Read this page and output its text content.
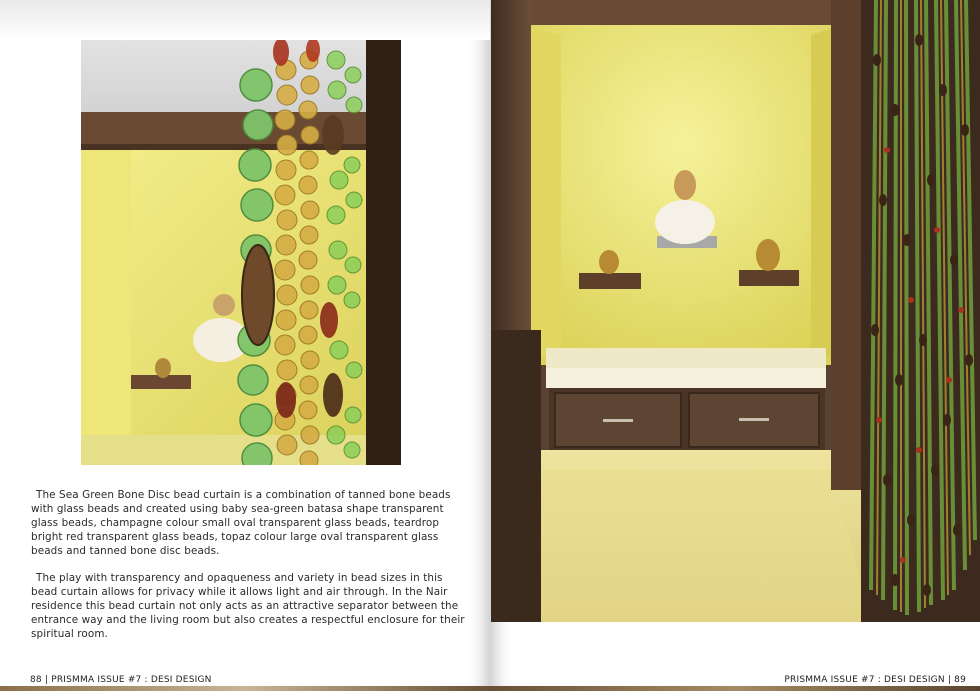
The Sea Green Bone Disc bead curtain is a combination of tanned bone beads with glass beads and created using baby sea-green batasa shape transparent glass beads, champagne colour small oval transparent glass beads, teardrop bright red transparent glass beads, topaz colour large oval transparent glass beads and tanned bone disc beads.

The play with transparency and opaqueness and variety in bead sizes in this bead curtain allows for privacy while it allows light and air through. In the Nair residence this bead curtain not only acts as an attractive separator between the entrance way and the living room but also creates a respectful enclosure for their spiritual room.

88 | PRISMMA ISSUE #7 : DESI DESIGN	PRISMMA ISSUE #7 : DESI DESIGN | 89
